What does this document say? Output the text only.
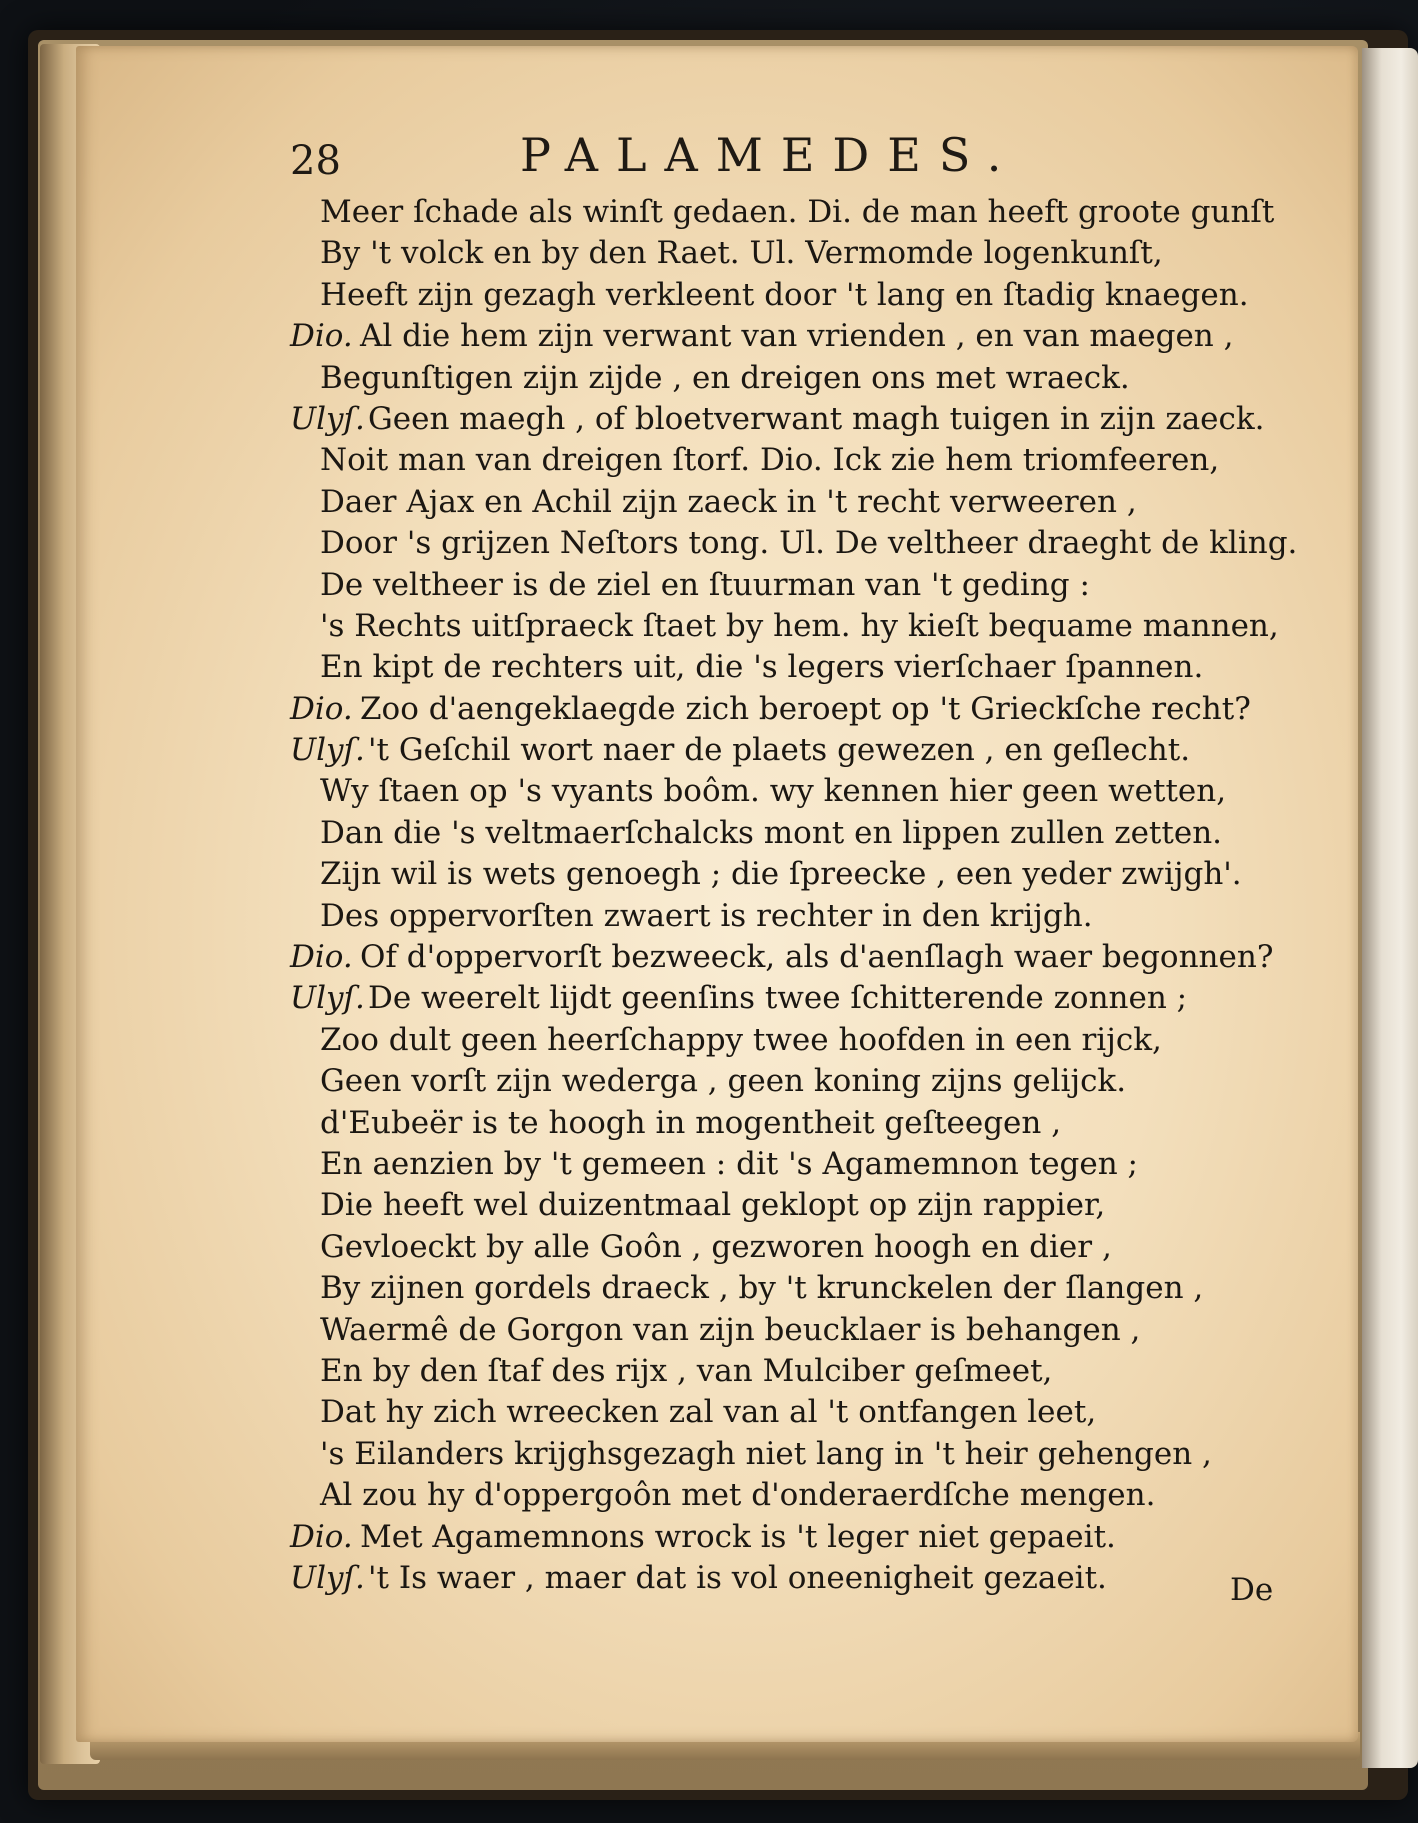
28	PALAMEDES.
Meer ſchade als winſt gedaen. Di. de man heeft groote gunſt
By 't volck en by den Raet. Ul. Vermomde logenkunſt,
Heeft zijn gezagh verkleent door 't lang en ſtadig knaegen.
Dio. Al die hem zijn verwant van vrienden , en van maegen ,
Begunſtigen zijn zijde , en dreigen ons met wraeck.
Ulyſ. Geen maegh , of bloetverwant magh tuigen in zijn zaeck.
Noit man van dreigen ſtorf. Dio. Ick zie hem triomfeeren,
Daer Ajax en Achil zijn zaeck in 't recht verweeren ,
Door 's grijzen Neſtors tong. Ul. De veltheer draeght de kling.
De veltheer is de ziel en ſtuurman van 't geding :
's Rechts uitſpraeck ſtaet by hem. hy kieſt bequame mannen,
En kipt de rechters uit, die 's legers vierſchaer ſpannen.
Dio. Zoo d'aengeklaegde zich beroept op 't Grieckſche recht?
Ulyſ. 't Geſchil wort naer de plaets gewezen , en geſlecht.
Wy ſtaen op 's vyants boôm. wy kennen hier geen wetten,
Dan die 's veltmaerſchalcks mont en lippen zullen zetten.
Zijn wil is wets genoegh ; die ſpreecke , een yeder zwijgh'.
Des oppervorſten zwaert is rechter in den krijgh.
Dio. Of d'oppervorſt bezweeck, als d'aenſlagh waer begonnen?
Ulyſ. De weerelt lijdt geenſins twee ſchitterende zonnen ;
Zoo dult geen heerſchappy twee hoofden in een rijck,
Geen vorſt zijn wederga , geen koning zijns gelijck.
d'Eubeër is te hoogh in mogentheit geſteegen ,
En aenzien by 't gemeen : dit 's Agamemnon tegen ;
Die heeft wel duizentmaal geklopt op zijn rappier,
Gevloeckt by alle Goôn , gezworen hoogh en dier ,
By zijnen gordels draeck , by 't krunckelen der ſlangen ,
Waermê de Gorgon van zijn beucklaer is behangen ,
En by den ſtaf des rijx , van Mulciber geſmeet,
Dat hy zich wreecken zal van al 't ontfangen leet,
's Eilanders krijghsgezagh niet lang in 't heir gehengen ,
Al zou hy d'oppergoôn met d'onderaerdſche mengen.
Dio. Met Agamemnons wrock is 't leger niet gepaeit.
Ulyſ. 't Is waer , maer dat is vol oneenigheit gezaeit.	De
